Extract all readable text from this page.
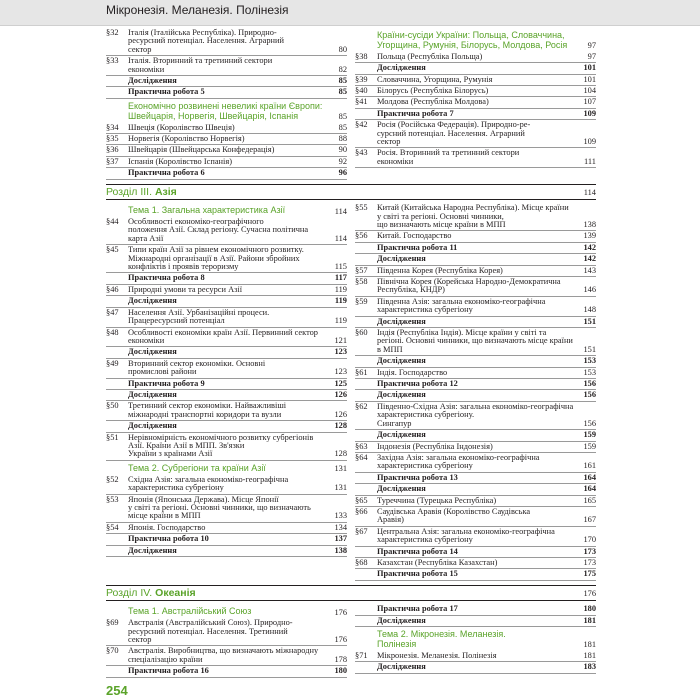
Мікронезія. Меланезія. Полінезія
§32	Італія (Італійська Республіка). Природно-
ресурсний потенціал. Населення. Аграрний
сектор	80
§33	Італія. Вторинний та третинний сектори
економіки	82
Дослідження	85
Практична робота 5	85
Економічно розвинені невеликі країни Європи: Швейцарія, Норвегія, Швейцарія, Іспанія	85
§34	Швеція (Королівство Швеція)	85
§35	Норвегія (Королівство Норвегія)	88
§36	Швейцарія (Швейцарська Конфедерація)	90
§37	Іспанія (Королівство Іспанія)	92
Практична робота 6	96
Країни-сусіди України: Польща, Словаччина, Угорщина, Румунія, Білорусь, Молдова, Росія	97
§38	Польща (Республіка Польща)	97
Дослідження	101
§39	Словаччина, Угорщина, Румунія	101
§40	Білорусь (Республіка Білорусь)	104
§41	Молдова (Республіка Молдова)	107
Практична робота 7	109
§42	Росія (Російська Федерація). Природно-ре-
сурсний потенціал. Населення. Аграрний
сектор	109
§43	Росія. Вторинний та третинний сектори
економіки	111
Розділ III. Азія	114
Тема 1. Загальна характеристика Азії	114
§44	Особливості економіко-географічного
положення Азії. Склад регіону. Сучасна політична карта Азії	114
§45	Типи країн Азії за рівнем економічного розвитку. Міжнародні організації в Азії. Райони збройних конфліктів і проявів тероризму	115
Практична робота 8	117
§46	Природні умови та ресурси Азії	119
Дослідження	119
§47	Населення Азії. Урбанізаційні процеси.
Працересурсний потенціал	119
§48	Особливості економіки країн Азії. Первинний сектор економіки	121
Дослідження	123
§49	Вторинний сектор економіки. Основні
промислові райони	123
Практична робота 9	125
Дослідження	126
§50	Третинний сектор економіки. Найважливіші
міжнародні транспортні коридори та вузли	126
Дослідження	128
§51	Нерівномірність економічного розвитку субрегіонів Азії. Країни Азії в МПП. Зв'язки
України з країнами Азії	128
Тема 2. Субрегіони та країни Азії	131
§52	Східна Азія: загальна економіко-географічна
характеристика субрегіону	131
§53	Японія (Японська Держава). Місце Японії
у світі та регіоні. Основні чинники, що визначають місце країни в МПП	133
§54	Японія. Господарство	134
Практична робота 10	137
Дослідження	138
§55	Китай (Китайська Народна Республіка). Місце країни у світі та регіоні. Основні чинники,
що визначають місце країни в МПП	138
§56	Китай. Господарство	139
Практична робота 11	142
Дослідження	142
§57	Південна Корея (Республіка Корея)	143
§58	Північна Корея (Корейська Народно-Демократична Республіка, КНДР)	146
§59	Південна Азія: загальна економіко-географічна характеристика субрегіону	148
Дослідження	151
§60	Індія (Республіка Індія). Місце країни у світі та регіоні. Основні чинники, що визначають місце країни в МПП	151
Дослідження	153
§61	Індія. Господарство	153
Практична робота 12	156
Дослідження	156
§62	Південно-Східна Азія: загальна економіко-географічна характеристика субрегіону.
Сингапур	156
Дослідження	159
§63	Індонезія (Республіка Індонезія)	159
§64	Західна Азія: загальна економіко-географічна характеристика субрегіону	161
Практична робота 13	164
Дослідження	164
§65	Туреччина (Турецька Республіка)	165
§66	Саудівська Аравія (Королівство Саудівська
Аравія)	167
§67	Центральна Азія: загальна економіко-географічна характеристика субрегіону	170
Практична робота 14	173
§68	Казахстан (Республіка Казахстан)	173
Практична робота 15	175
Розділ IV. Океанія	176
Тема 1. Австралійський Союз	176
§69	Австралія (Австралійський Союз). Природно-
ресурсний потенціал. Населення. Третинний
сектор	176
§70	Австралія. Виробництва, що визначають міжнародну спеціалізацію країни	178
Практична робота 16	180
Практична робота 17	180
Дослідження	181
Тема 2. Мікронезія. Меланезія.
Полінезія	181
§71	Мікронезія. Меланезія. Полінезія	181
Дослідження	183
254
